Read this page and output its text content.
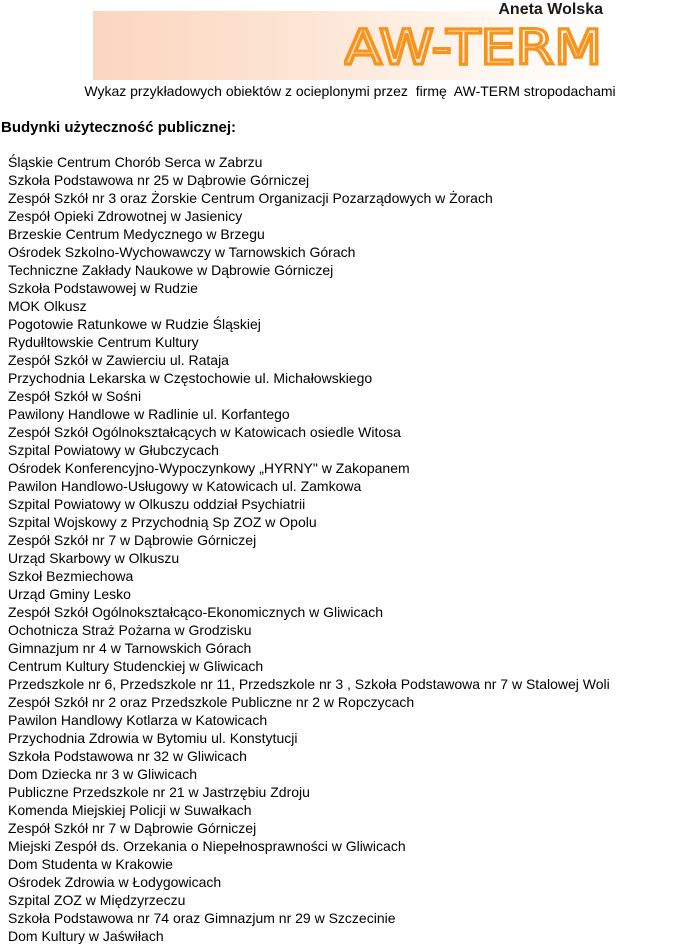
Aneta Wolska
AW-TERM
Wykaz przykładowych obiektów z ocieplonymi przez  firmę  AW-TERM stropodachami
Budynki użyteczność publicznej:
Śląskie Centrum Chorób Serca w Zabrzu
Szkoła Podstawowa nr 25 w Dąbrowie Górniczej
Zespół Szkół nr 3 oraz Żorskie Centrum Organizacji Pozarządowych w Żorach
Zespół Opieki Zdrowotnej w Jasienicy
Brzeskie Centrum Medycznego w Brzegu
Ośrodek Szkolno-Wychowawczy w Tarnowskich Górach
Techniczne Zakłady Naukowe w Dąbrowie Górniczej
Szkoła Podstawowej w Rudzie
MOK Olkusz
Pogotowie Ratunkowe w Rudzie Śląskiej
Rydułltowskie Centrum Kultury
Zespół Szkół w Zawierciu ul. Rataja
Przychodnia Lekarska w Częstochowie ul. Michałowskiego
Zespół Szkół w Sośni
Pawilony Handlowe w Radlinie ul. Korfantego
Zespół Szkół Ogólnokształcących w Katowicach osiedle Witosa
Szpital Powiatowy w Głubczycach
Ośrodek Konferencyjno-Wypoczynkowy „HYRNY" w Zakopanem
Pawilon Handlowo-Usługowy w Katowicach ul. Zamkowa
Szpital Powiatowy w Olkuszu oddział Psychiatrii
Szpital Wojskowy z Przychodnią Sp ZOZ w Opolu
Zespół Szkół nr 7 w Dąbrowie Górniczej
Urząd Skarbowy w Olkuszu
Szkoł Bezmiechowa
Urząd Gminy Lesko
Zespół Szkół Ogólnokształcąco-Ekonomicznych w Gliwicach
Ochotnicza Straż Pożarna w Grodzisku
Gimnazjum nr 4 w Tarnowskich Górach
Centrum Kultury Studenckiej w Gliwicach
Przedszkole nr 6, Przedszkole nr 11, Przedszkole nr 3 , Szkoła Podstawowa nr 7 w Stalowej Woli
Zespół Szkół nr 2 oraz Przedszkole Publiczne nr 2 w Ropczycach
Pawilon Handlowy Kotlarza w Katowicach
Przychodnia Zdrowia w Bytomiu ul. Konstytucji
Szkoła Podstawowa nr 32 w Gliwicach
Dom Dziecka nr 3 w Gliwicach
Publiczne Przedszkole nr 21 w Jastrzębiu Zdroju
Komenda Miejskiej Policji w Suwałkach
Zespół Szkół nr 7 w Dąbrowie Górniczej
Miejski Zespół ds. Orzekania o Niepełnosprawności w Gliwicach
Dom Studenta w Krakowie
Ośrodek Zdrowia w Łodygowicach
Szpital ZOZ w Międzyrzeczu
Szkoła Podstawowa nr 74 oraz Gimnazjum nr 29 w Szczecinie
Dom Kultury w Jaświłach
